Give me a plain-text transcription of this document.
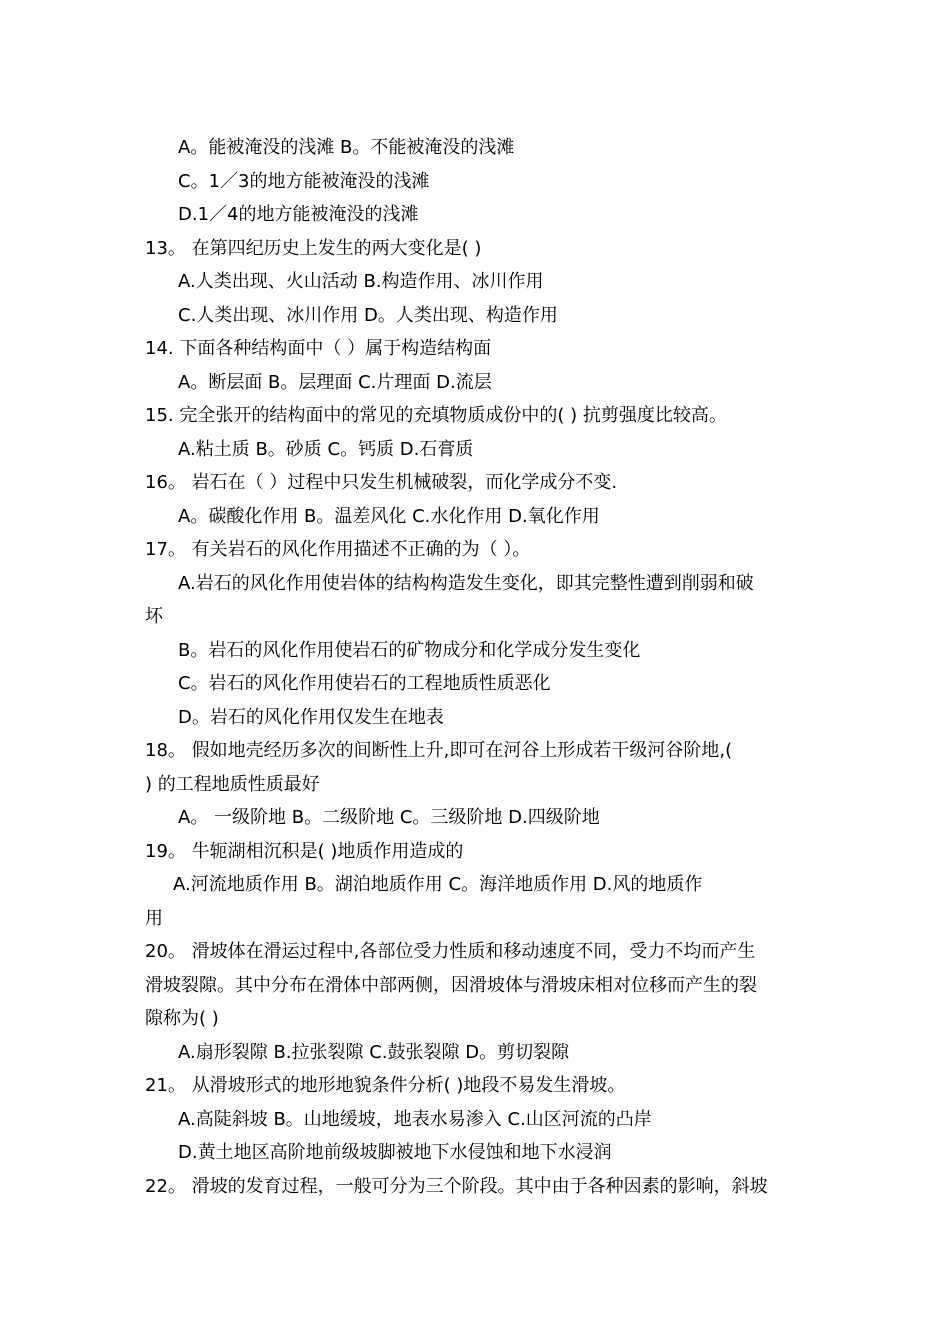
A。能被淹没的浅滩 B。不能被淹没的浅滩
C。1／3的地方能被淹没的浅滩
D.1／4的地方能被淹没的浅滩
13。 在第四纪历史上发生的两大变化是( )
A.人类出现、火山活动 B.构造作用、冰川作用
C.人类出现、冰川作用 D。人类出现、构造作用
14. 下面各种结构面中（ ）属于构造结构面
A。断层面 B。层理面 C.片理面 D.流层
15. 完全张开的结构面中的常见的充填物质成份中的( ) 抗剪强度比较高。
A.粘土质 B。砂质 C。钙质 D.石膏质
16。 岩石在（ ）过程中只发生机械破裂，而化学成分不变.
A。碳酸化作用 B。温差风化 C.水化作用 D.氧化作用
17。 有关岩石的风化作用描述不正确的为（ ）。
A.岩石的风化作用使岩体的结构构造发生变化，即其完整性遭到削弱和破
坏
B。岩石的风化作用使岩石的矿物成分和化学成分发生变化
C。岩石的风化作用使岩石的工程地质性质恶化
D。岩石的风化作用仅发生在地表
18。 假如地壳经历多次的间断性上升,即可在河谷上形成若干级河谷阶地,(
) 的工程地质性质最好
A。 一级阶地 B。二级阶地 C。三级阶地 D.四级阶地
19。 牛轭湖相沉积是( )地质作用造成的
A.河流地质作用 B。湖泊地质作用 C。海洋地质作用 D.风的地质作
用
20。 滑坡体在滑运过程中,各部位受力性质和移动速度不同，受力不均而产生
滑坡裂隙。其中分布在滑体中部两侧，因滑坡体与滑坡床相对位移而产生的裂
隙称为( )
A.扇形裂隙 B.拉张裂隙 C.鼓张裂隙 D。剪切裂隙
21。 从滑坡形式的地形地貌条件分析( )地段不易发生滑坡。
A.高陡斜坡 B。山地缓坡，地表水易渗入 C.山区河流的凸岸
D.黄土地区高阶地前级坡脚被地下水侵蚀和地下水浸润
22。 滑坡的发育过程，一般可分为三个阶段。其中由于各种因素的影响，斜坡
